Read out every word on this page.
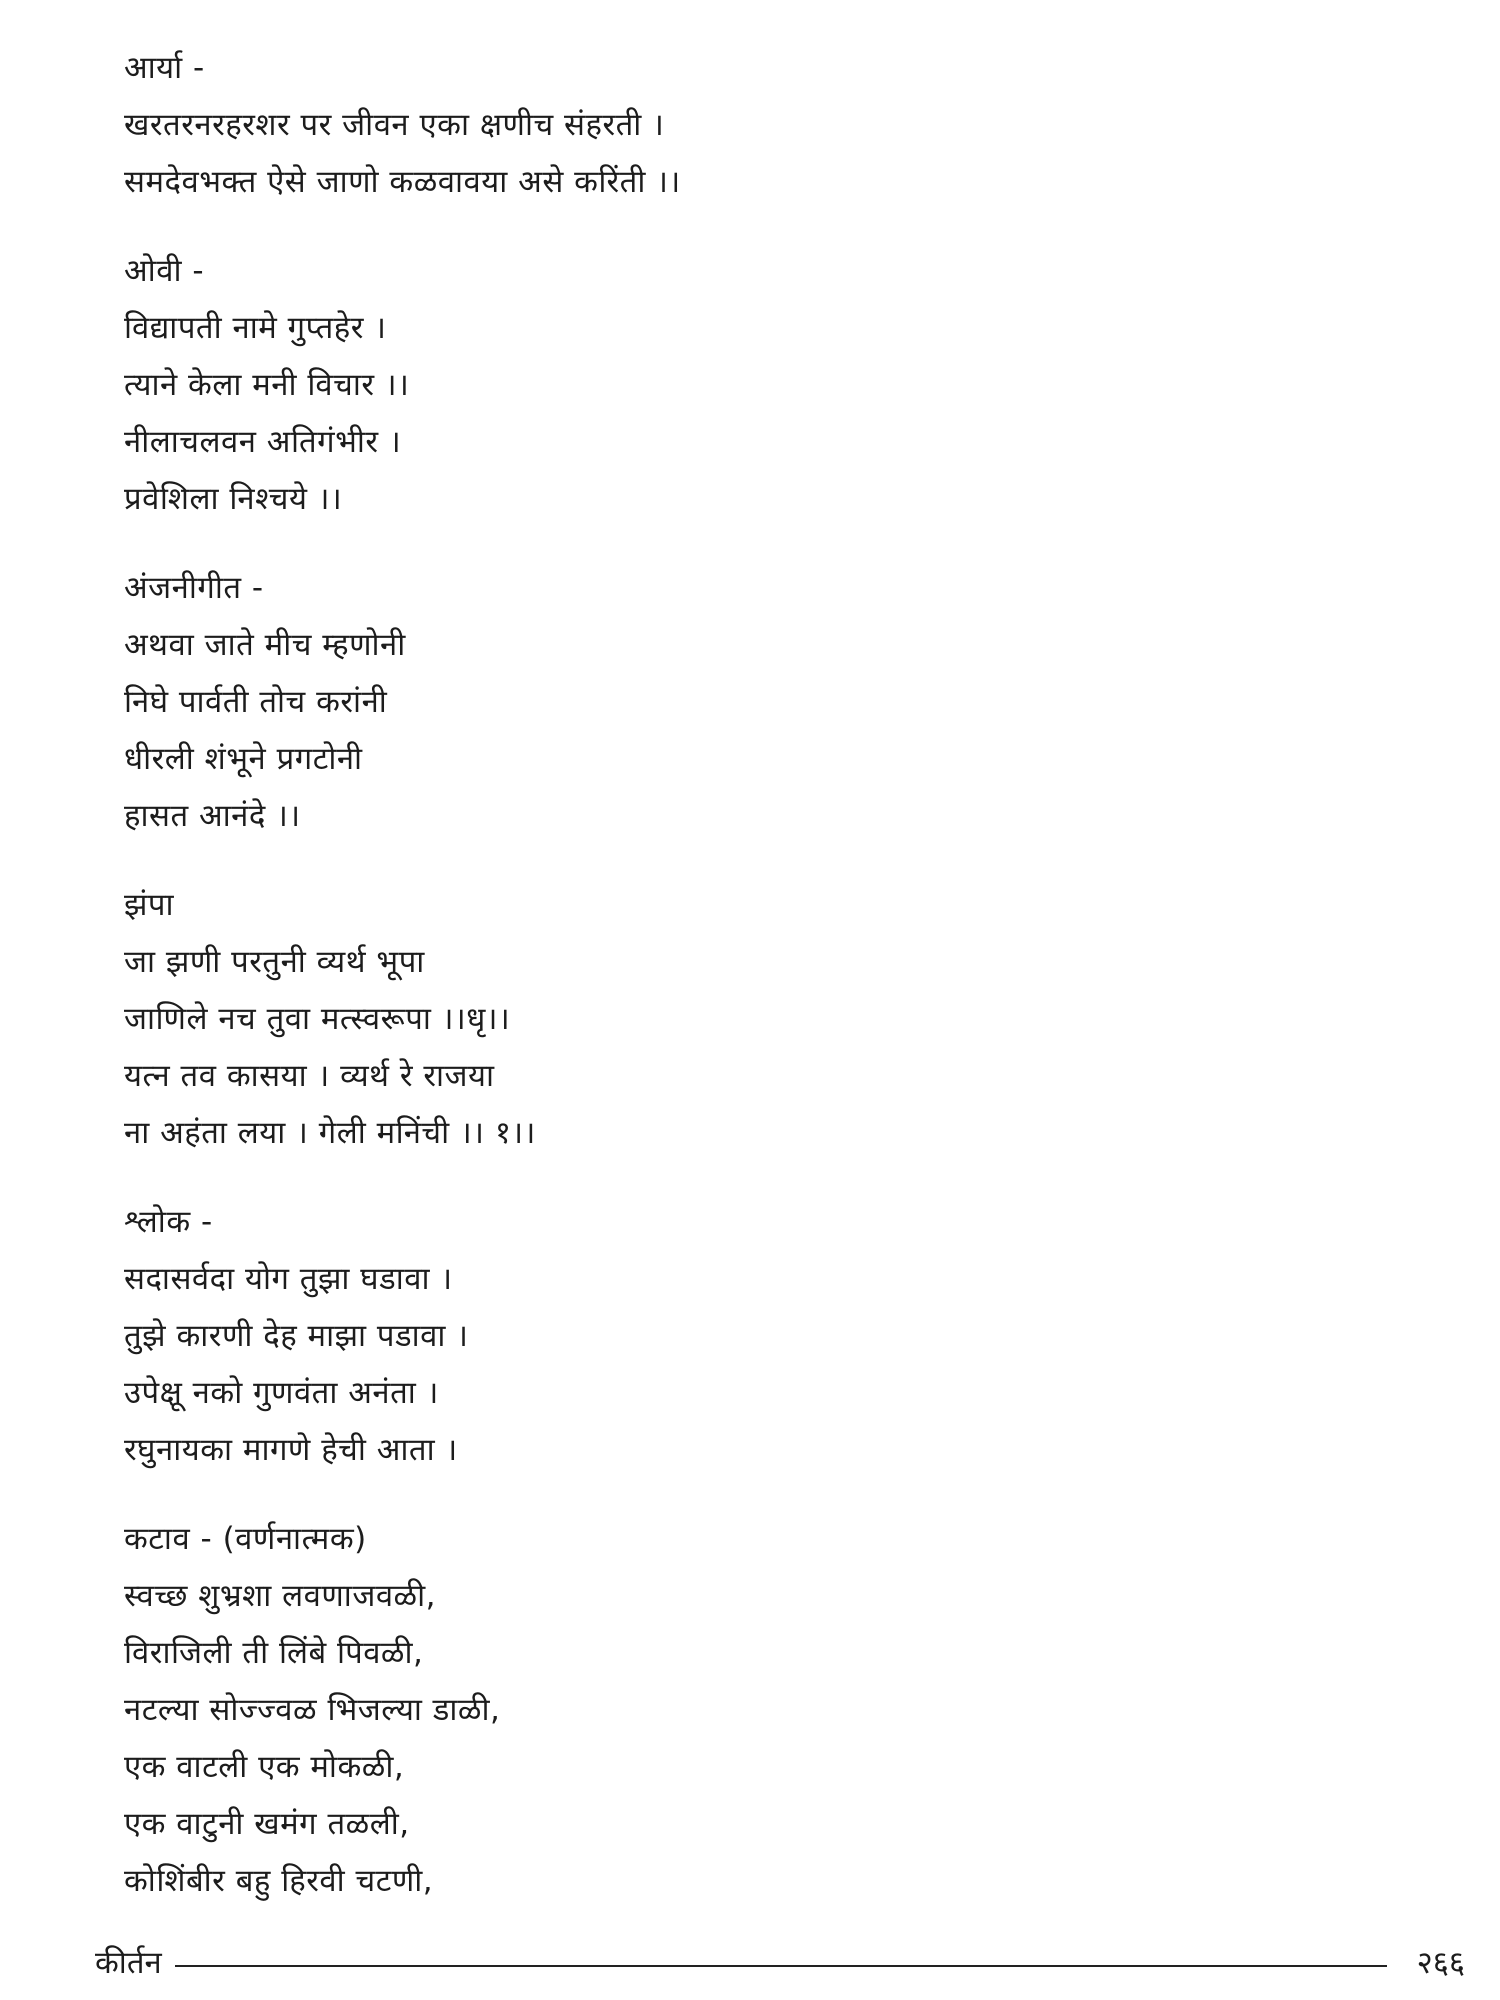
आर्या -
खरतरनरहरशर पर जीवन एका क्षणीच संहरती ।
समदेवभक्त ऐसे जाणो कळवावया असे करिंती ।।
ओवी -
विद्यापती नामे गुप्तहेर ।
त्याने केला मनी विचार ।।
नीलाचलवन अतिगंभीर ।
प्रवेशिला निश्चये ।।
अंजनीगीत -
अथवा जाते मीच म्हणोनी
निघे पार्वती तोच करांनी
धीरली शंभूने प्रगटोनी
हासत आनंदे ।।
झंपा
जा झणी परतुनी व्यर्थ भूपा
जाणिले नच तुवा मत्स्वरूपा ।।धृ।।
यत्न तव कासया । व्यर्थ रे राजया
ना अहंता लया । गेली मनिंची ।। १।।
श्लोक -
सदासर्वदा योग तुझा घडावा ।
तुझे कारणी देह माझा पडावा ।
उपेक्षू नको गुणवंता अनंता ।
रघुनायका मागणे हेची आता ।
कटाव - (वर्णनात्मक)
स्वच्छ शुभ्रशा लवणाजवळी,
विराजिली ती लिंबे पिवळी,
नटल्या सोज्ज्वळ भिजल्या डाळी,
एक वाटली एक मोकळी,
एक वाटुनी खमंग तळली,
कोशिंबीर बहु हिरवी चटणी,
कीर्तन	२६६
